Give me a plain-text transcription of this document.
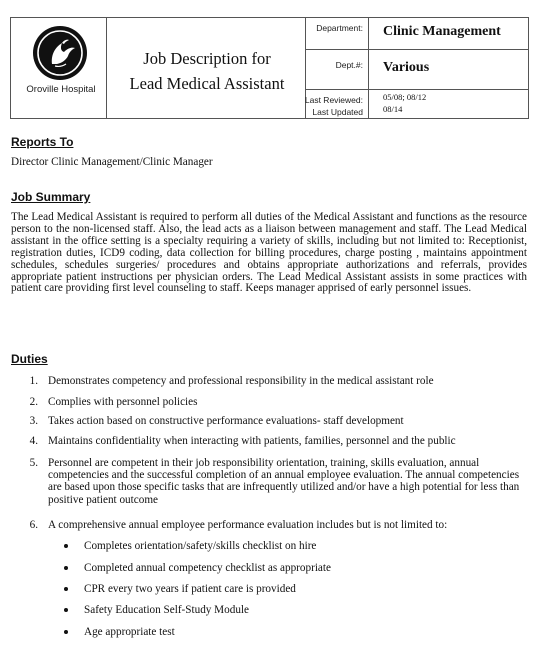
Oroville Hospital
Job Description for
Lead Medical Assistant
Department: Clinic Management
Dept.#: Various
Last Reviewed: 05/08; 08/12
Last Updated 08/14
Reports To
Director Clinic Management/Clinic Manager
Job Summary
The Lead Medical Assistant is required to perform all duties of the Medical Assistant and functions as the resource person to the non-licensed staff. Also, the lead acts as a liaison between management and staff. The Lead Medical assistant in the office setting is a specialty requiring a variety of skills, including but not limited to: Receptionist, registration duties, ICD9 coding, data collection for billing procedures, charge posting , maintains appointment schedules, schedules surgeries/ procedures and obtains appropriate authorizations and referrals, provides appropriate patient instructions per physician orders. The Lead Medical Assistant assists in some practices with patient care providing first level counseling to staff. Keeps manager apprised of early personnel issues.
Duties
1. Demonstrates competency and professional responsibility in the medical assistant role
2. Complies with personnel policies
3. Takes action based on constructive performance evaluations- staff development
4. Maintains confidentiality when interacting with patients, families, personnel and the public
5. Personnel are competent in their job responsibility orientation, training, skills evaluation, annual competencies and the successful completion of an annual employee evaluation. The annual competencies are based upon those specific tasks that are infrequently utilized and/or have a high potential for less than positive patient outcome
6. A comprehensive annual employee performance evaluation includes but is not limited to:
Completes orientation/safety/skills checklist on hire
Completed annual competency checklist as appropriate
CPR every two years if patient care is provided
Safety Education Self-Study Module
Age appropriate test
